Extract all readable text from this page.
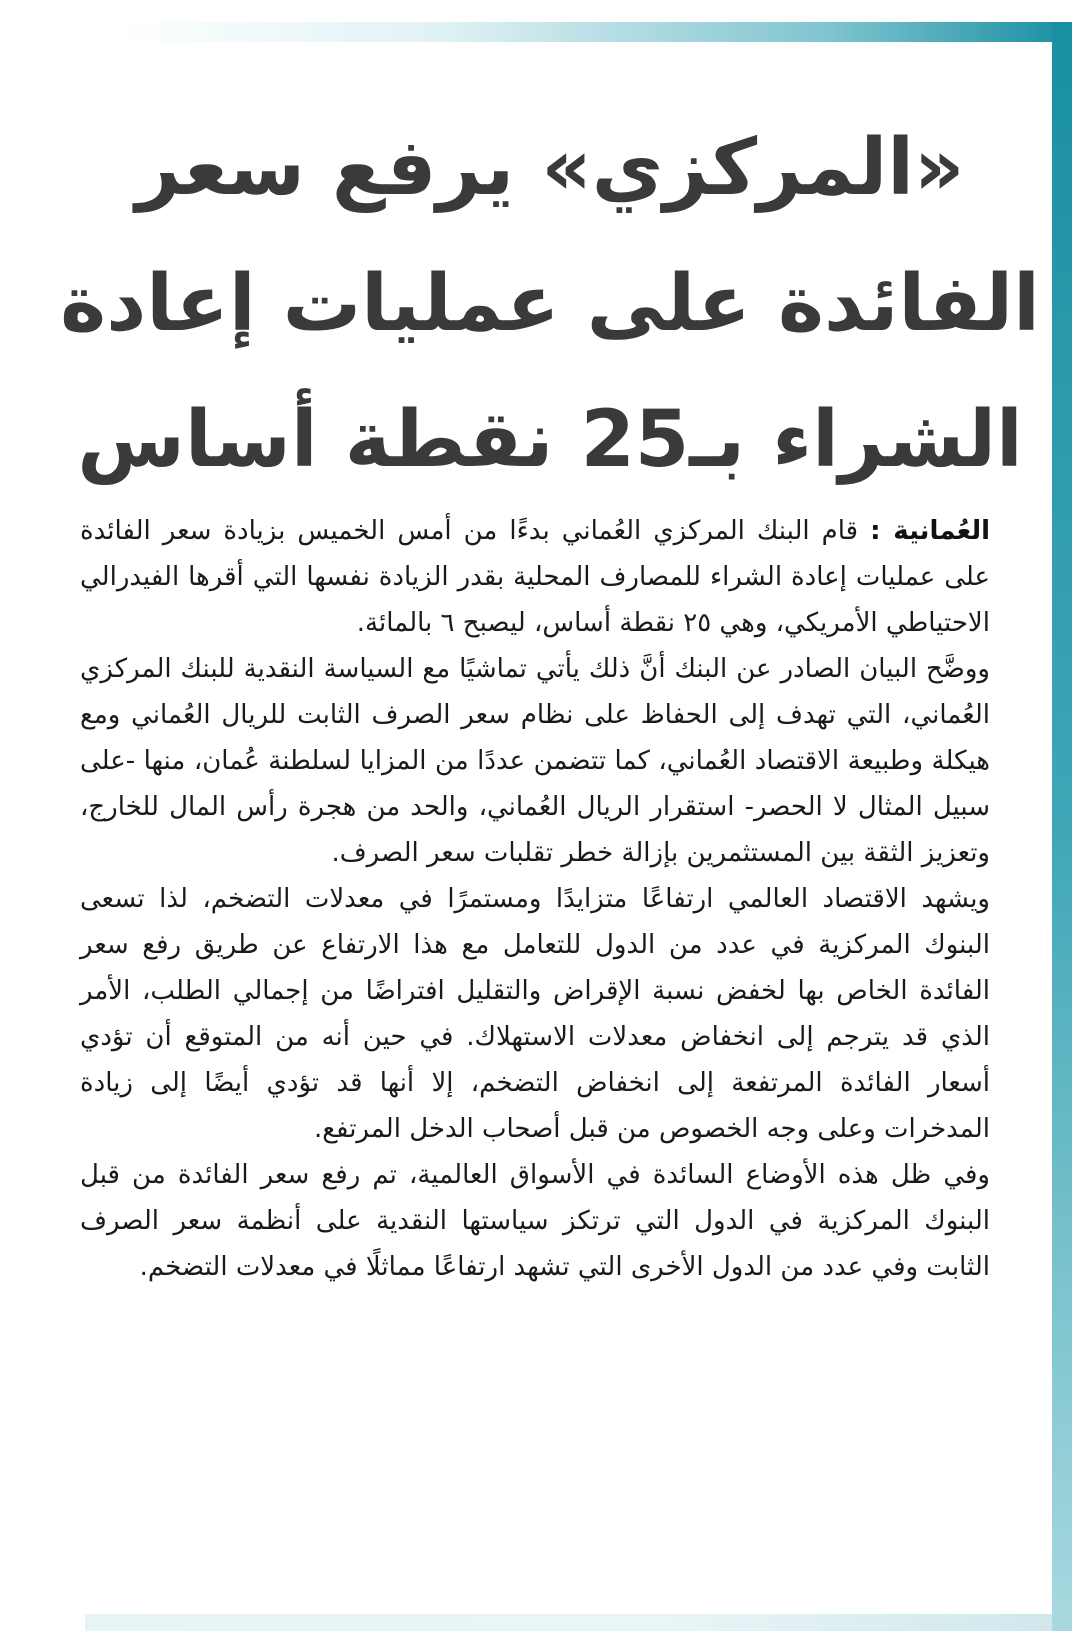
«المركزي» يرفع سعر الفائدة على عمليات إعادة الشراء بـ25 نقطة أساس

العُمانية : قام البنك المركزي العُماني بدءًا من أمس الخميس بزيادة سعر الفائدة على عمليات إعادة الشراء للمصارف المحلية بقدر الزيادة نفسها التي أقرها الفيدرالي الاحتياطي الأمريكي، وهي ٢٥ نقطة أساس، ليصبح ٦ بالمائة.

ووضَّح البيان الصادر عن البنك أنَّ ذلك يأتي تماشيًا مع السياسة النقدية للبنك المركزي العُماني، التي تهدف إلى الحفاظ على نظام سعر الصرف الثابت للريال العُماني ومع هيكلة وطبيعة الاقتصاد العُماني، كما تتضمن عددًا من المزايا لسلطنة عُمان، منها -على سبيل المثال لا الحصر- استقرار الريال العُماني، والحد من هجرة رأس المال للخارج، وتعزيز الثقة بين المستثمرين بإزالة خطر تقلبات سعر الصرف.

ويشهد الاقتصاد العالمي ارتفاعًا متزايدًا ومستمرًا في معدلات التضخم، لذا تسعى البنوك المركزية في عدد من الدول للتعامل مع هذا الارتفاع عن طريق رفع سعر الفائدة الخاص بها لخفض نسبة الإقراض والتقليل افتراضًا من إجمالي الطلب، الأمر الذي قد يترجم إلى انخفاض معدلات الاستهلاك. في حين أنه من المتوقع أن تؤدي أسعار الفائدة المرتفعة إلى انخفاض التضخم، إلا أنها قد تؤدي أيضًا إلى زيادة المدخرات وعلى وجه الخصوص من قبل أصحاب الدخل المرتفع.

وفي ظل هذه الأوضاع السائدة في الأسواق العالمية، تم رفع سعر الفائدة من قبل البنوك المركزية في الدول التي ترتكز سياستها النقدية على أنظمة سعر الصرف الثابت وفي عدد من الدول الأخرى التي تشهد ارتفاعًا مماثلًا في معدلات التضخم.
